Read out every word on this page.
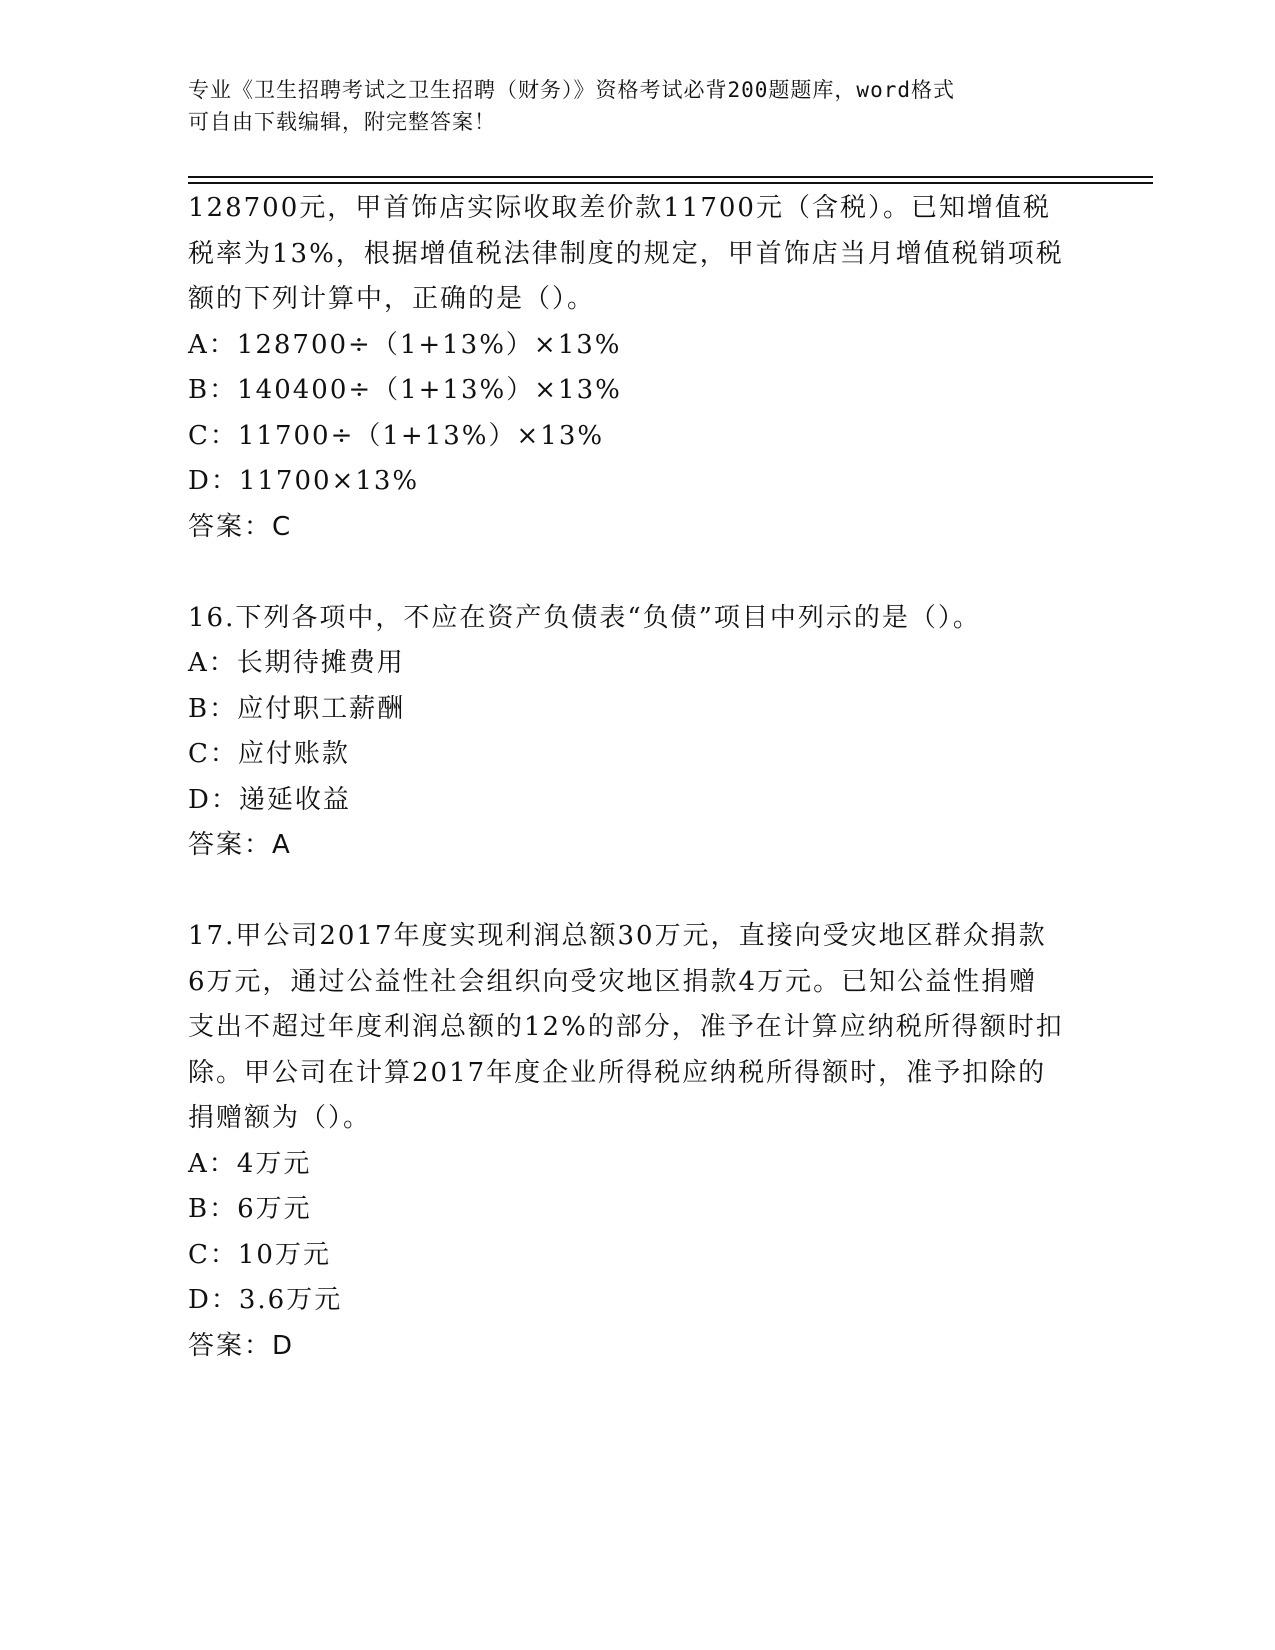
专业《卫生招聘考试之卫生招聘（财务）》资格考试必背200题题库，word格式
可自由下载编辑，附完整答案！
128700元，甲首饰店实际收取差价款11700元（含税）。已知增值税
税率为13%，根据增值税法律制度的规定，甲首饰店当月增值税销项税
额的下列计算中，正确的是（）。
A：128700÷（1+13%）×13%
B：140400÷（1+13%）×13%
C：11700÷（1+13%）×13%
D：11700×13%
答案：C
16.下列各项中，不应在资产负债表“负债”项目中列示的是（）。
A：长期待摊费用
B：应付职工薪酬
C：应付账款
D：递延收益
答案：A
17.甲公司2017年度实现利润总额30万元，直接向受灾地区群众捐款
6万元，通过公益性社会组织向受灾地区捐款4万元。已知公益性捐赠
支出不超过年度利润总额的12%的部分，准予在计算应纳税所得额时扣
除。甲公司在计算2017年度企业所得税应纳税所得额时，准予扣除的
捐赠额为（）。
A：4万元
B：6万元
C：10万元
D：3.6万元
答案：D
